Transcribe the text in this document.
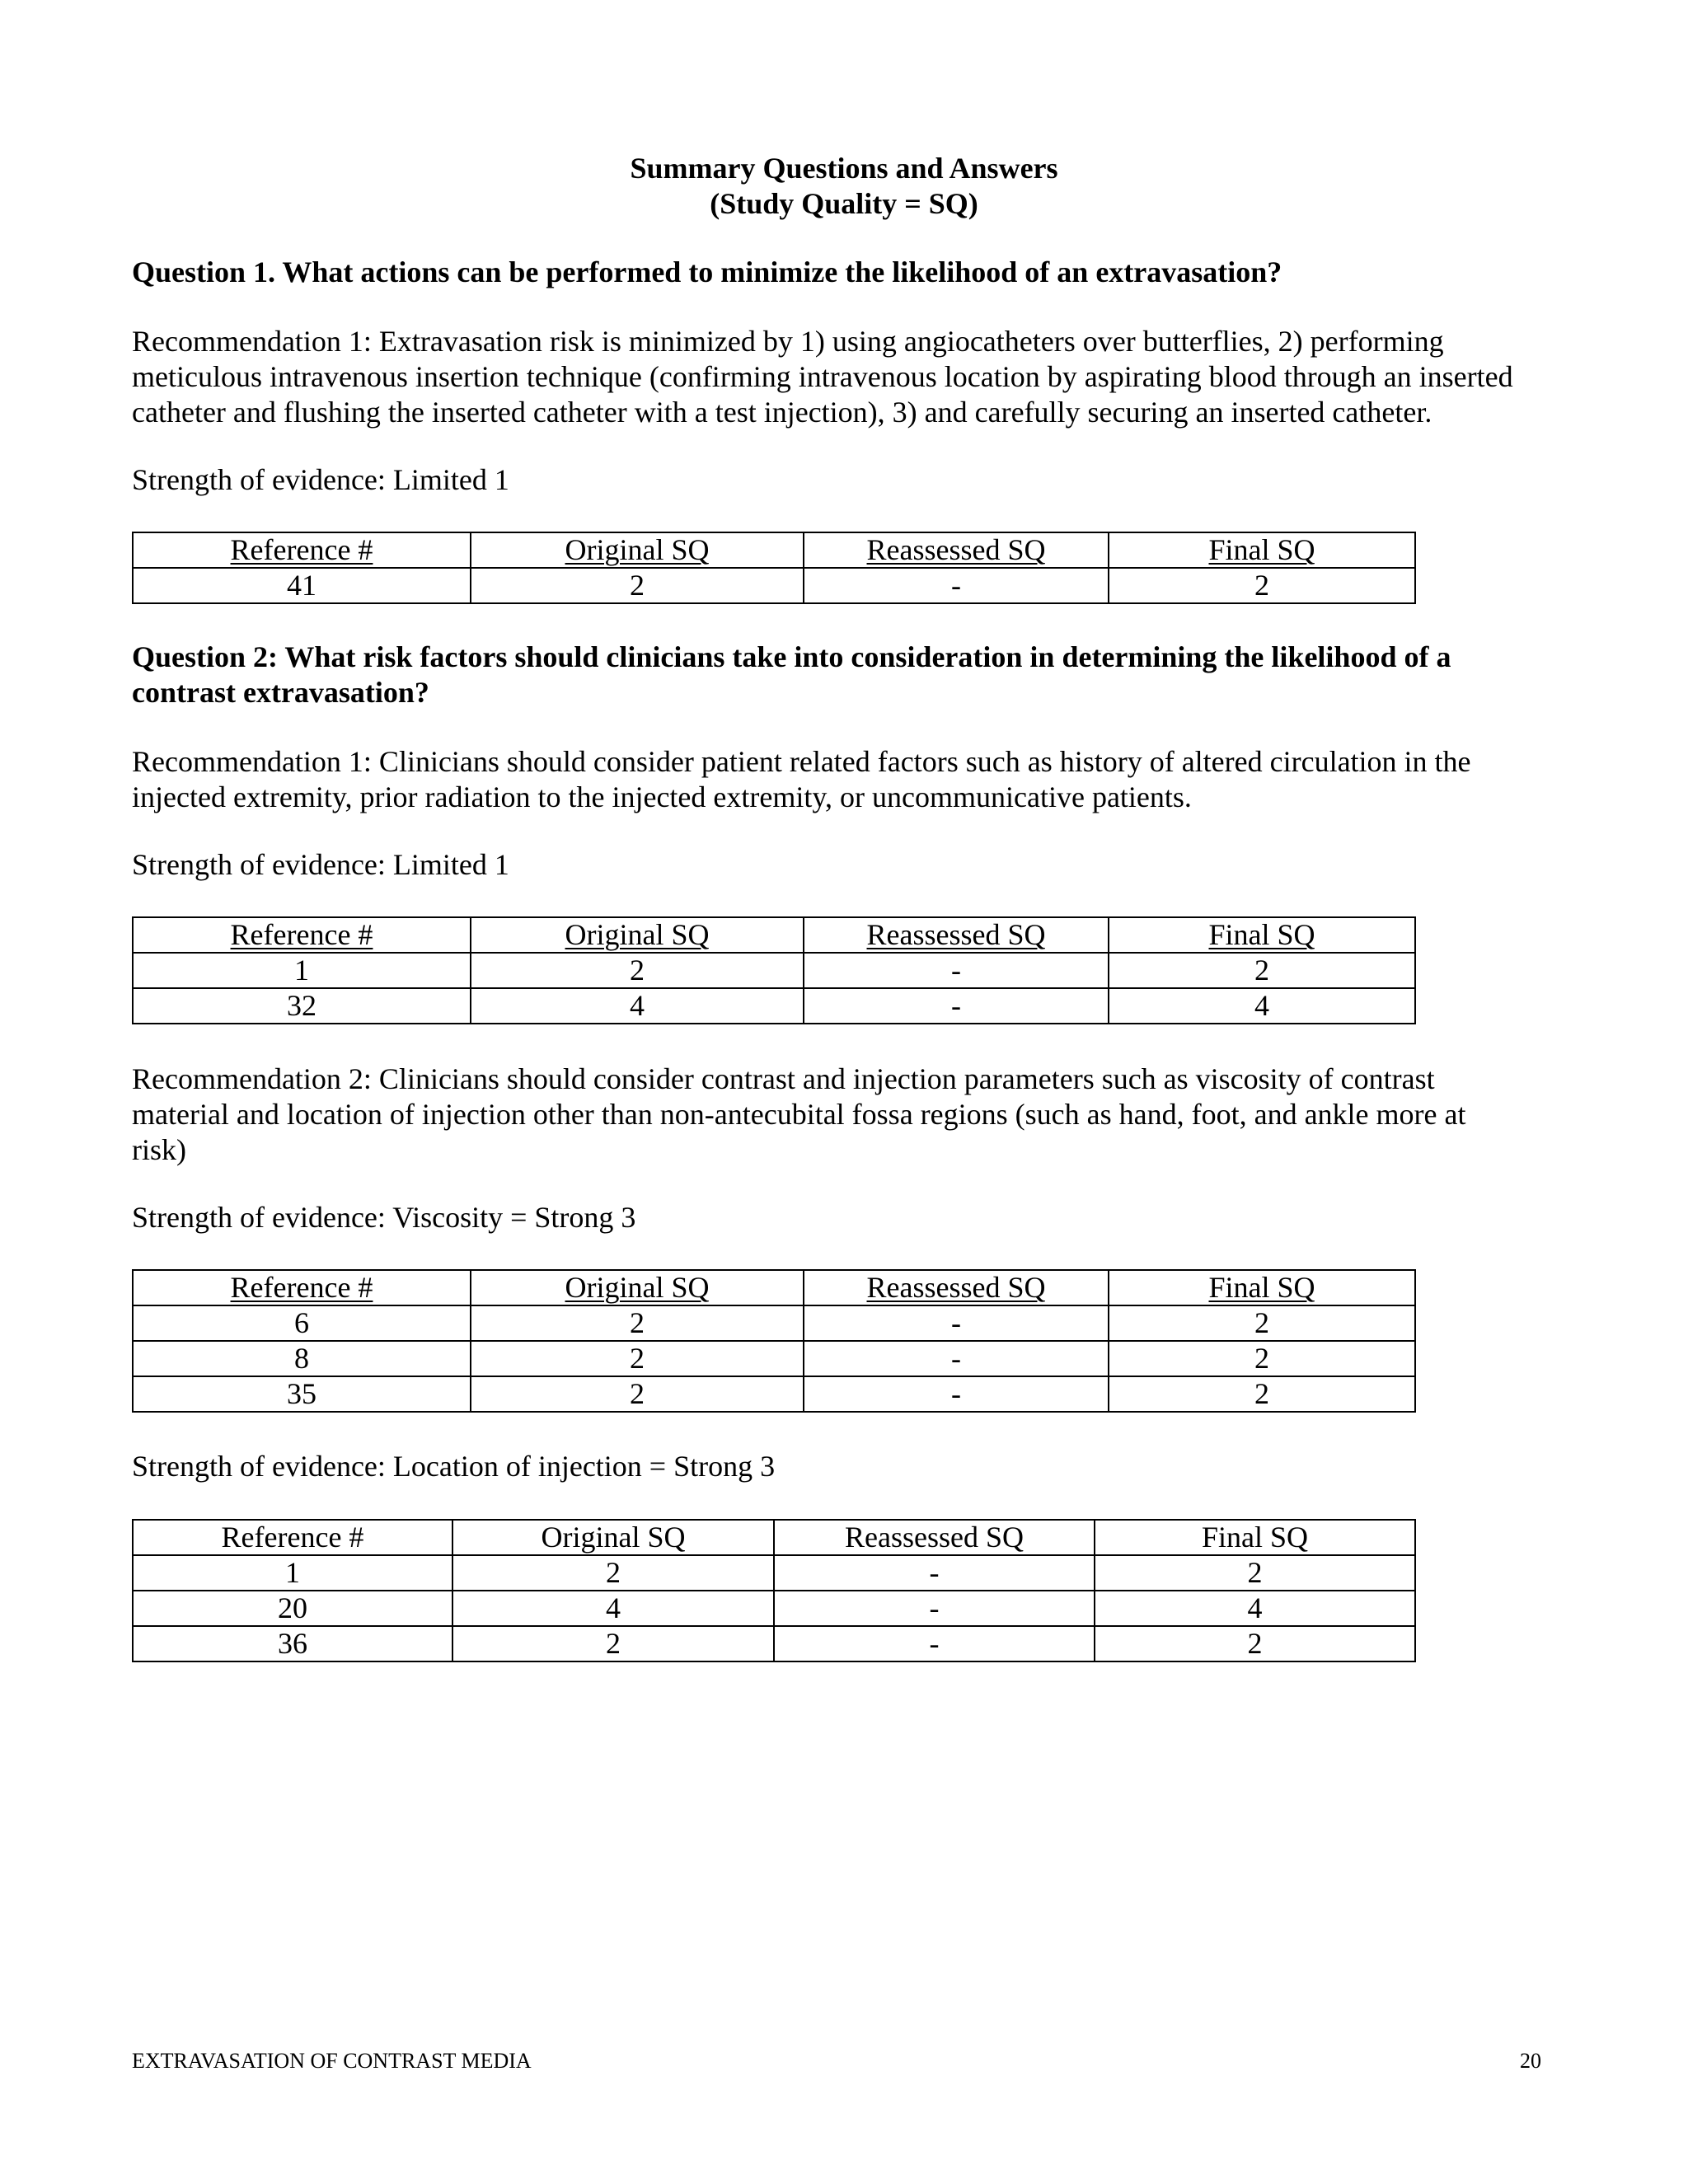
Summary Questions and Answers
(Study Quality = SQ)
Question 1. What actions can be performed to minimize the likelihood of an extravasation?
Recommendation 1: Extravasation risk is minimized by 1) using angiocatheters over butterflies, 2) performing
meticulous intravenous insertion technique (confirming intravenous location by aspirating blood through an inserted
catheter and flushing the inserted catheter with a test injection), 3) and carefully securing an inserted catheter.
Strength of evidence: Limited 1
Reference #	Original SQ	Reassessed SQ	Final SQ
41	2	-	2
Question 2: What risk factors should clinicians take into consideration in determining the likelihood of a
contrast extravasation?
Recommendation 1: Clinicians should consider patient related factors such as history of altered circulation in the
injected extremity, prior radiation to the injected extremity, or uncommunicative patients.
Strength of evidence: Limited 1
Reference #	Original SQ	Reassessed SQ	Final SQ
1	2	-	2
32	4	-	4
Recommendation 2: Clinicians should consider contrast and injection parameters such as viscosity of contrast
material and location of injection other than non-antecubital fossa regions (such as hand, foot, and ankle more at
risk)
Strength of evidence: Viscosity = Strong 3
Reference #	Original SQ	Reassessed SQ	Final SQ
6	2	-	2
8	2	-	2
35	2	-	2
Strength of evidence: Location of injection = Strong 3
Reference #	Original SQ	Reassessed SQ	Final SQ
1	2	-	2
20	4	-	4
36	2	-	2
EXTRAVASATION OF CONTRAST MEDIA	20
